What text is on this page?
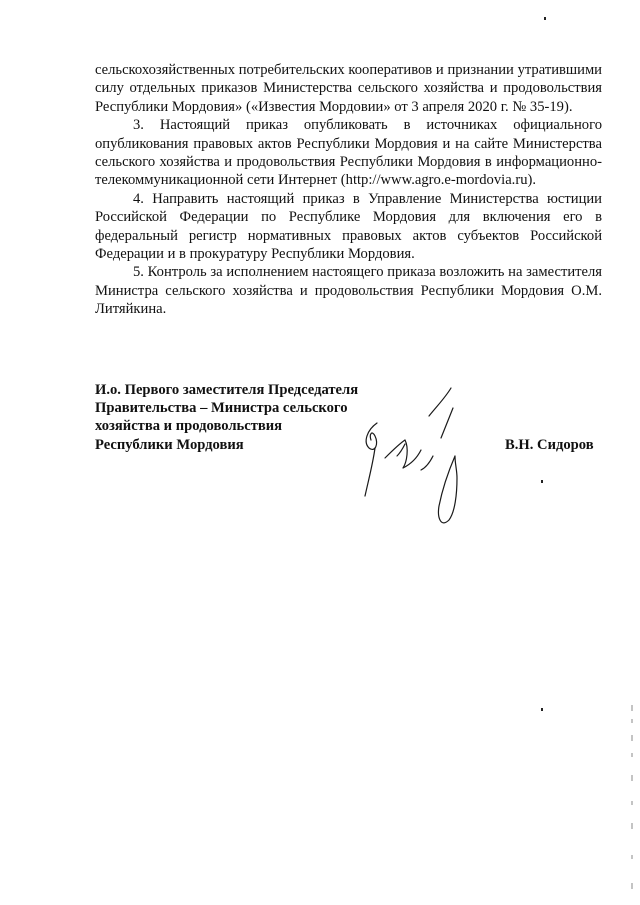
сельскохозяйственных потребительских кооперативов и признании утратившими силу отдельных приказов Министерства сельского хозяйства и продовольствия Республики Мордовия» («Известия Мордовии» от 3 апреля 2020 г. № 35-19).

3. Настоящий приказ опубликовать в источниках официального опубликования правовых актов Республики Мордовия и на сайте Министерства сельского хозяйства и продовольствия Республики Мордовия в информационно-телекоммуникационной сети Интернет (http://www.agro.e-mordovia.ru).

4. Направить настоящий приказ в Управление Министерства юстиции Российской Федерации по Республике Мордовия для включения его в федеральный регистр нормативных правовых актов субъектов Российской Федерации и в прокуратуру Республики Мордовия.

5. Контроль за исполнением настоящего приказа возложить на заместителя Министра сельского хозяйства и продовольствия Республики Мордовия О.М. Литяйкина.

И.о. Первого заместителя Председателя
Правительства – Министра сельского
хозяйства и продовольствия
Республики Мордовия	В.Н. Сидоров
